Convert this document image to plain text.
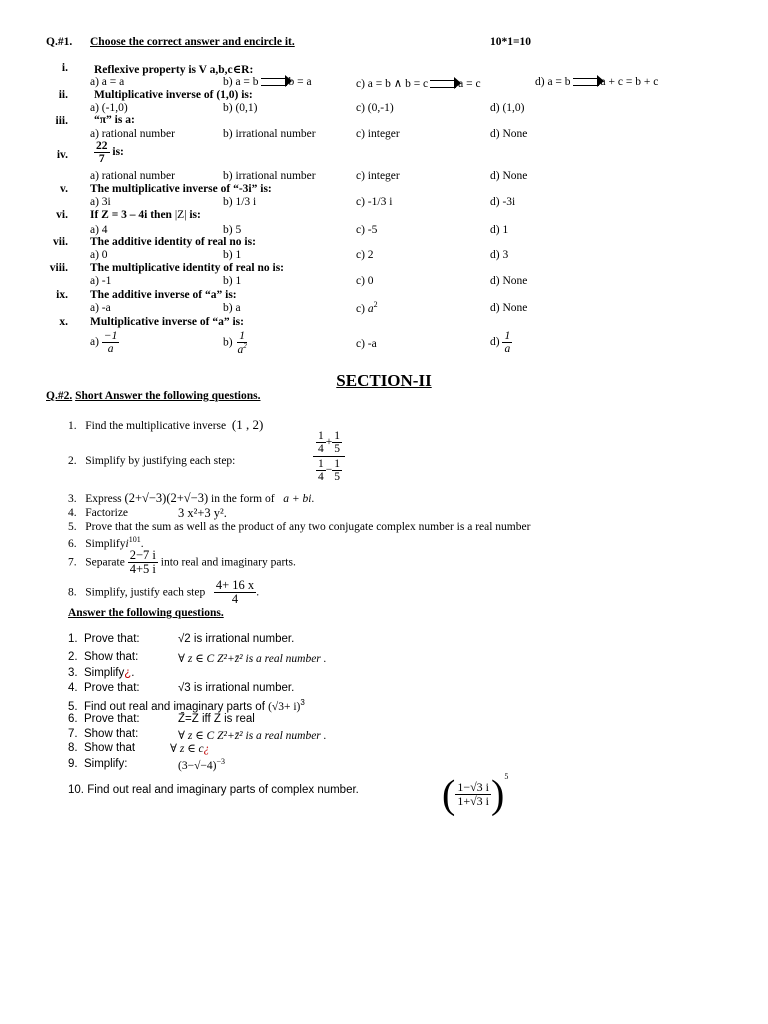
Q.#1. Choose the correct answer and encircle it.	10*1=10
i. Reflexive property is V a,b,c∈R:
a) a = a	b) a = b	b = a	c) a = b ∧ b = c	a = c	d) a = b	a + c = b + c
ii. Multiplicative inverse of (1,0) is:
a) (-1,0)	b) (0,1)	c) (0,-1)	d) (1,0)
iii. “π” is a:
a) rational number	b) irrational number	c) integer	d) None
iv. $\frac{22}{7}$ is:
a) rational number	b) irrational number	c) integer	d) None
v. The multiplicative inverse of “-3i” is:
a) 3i	b) 1/3 i	c) -1/3 i	d) -3i
vi. If Z = 3 – 4i then |Z| is:
a) 4	b) 5	c) -5	d) 1
vii. The additive identity of real no is:
a) 0	b) 1	c) 2	d) 3
viii. The multiplicative identity of real no is:
a) -1	b) 1	c) 0	d) None
ix. The additive inverse of “a” is:
a) -a	b) a	c) $a^2$	d) None
x. Multiplicative inverse of “a” is:
$a) \frac{-1}{a}$	$b) \frac{1}{a^2}$	c) -a	$d) \frac{1}{a}$
SECTION-II
Q.#2. Short Answer the following questions.
1. Find the multiplicative inverse (1 , 2)
2. Simplify by justifying each step:	$\frac{\frac{1}{4} + \frac{1}{5}}{\frac{1}{4} - \frac{1}{5}}$
3. Express (2+√−3)(2+√−3) in the form of a + bi.
4. Factorize	3 x²+3 y².
5. Prove that the sum as well as the product of any two conjugate complex number is a real number
6. Simplifyi$^{101}$.
7. Separate $\frac{2-7 i}{4+5 i}$ into real and imaginary parts.
8. Simplify, justify each step $\frac{4+ 16 x}{4}$ .
Answer the following questions.
1. Prove that:	√2 is irrational number.
2. Show that:	∀ z ∈ C Z²+z̄² is a real number .
3. Simplify¿.
4. Prove that:	√3 is irrational number.
5. Find out real and imaginary parts of $(√3+ i)^3$
6. Prove that:	Z̄=Z iff Z is real
7. Show that:	∀ z ∈ C Z²+z̄² is a real number .
8. Show that	∀ z ∈ c¿
9. Simplify:	$(3-√-4)^{-3}$
10. Find out real and imaginary parts of complex number. ( $\frac{1-√3 i}{1+√3 i} )^5$
